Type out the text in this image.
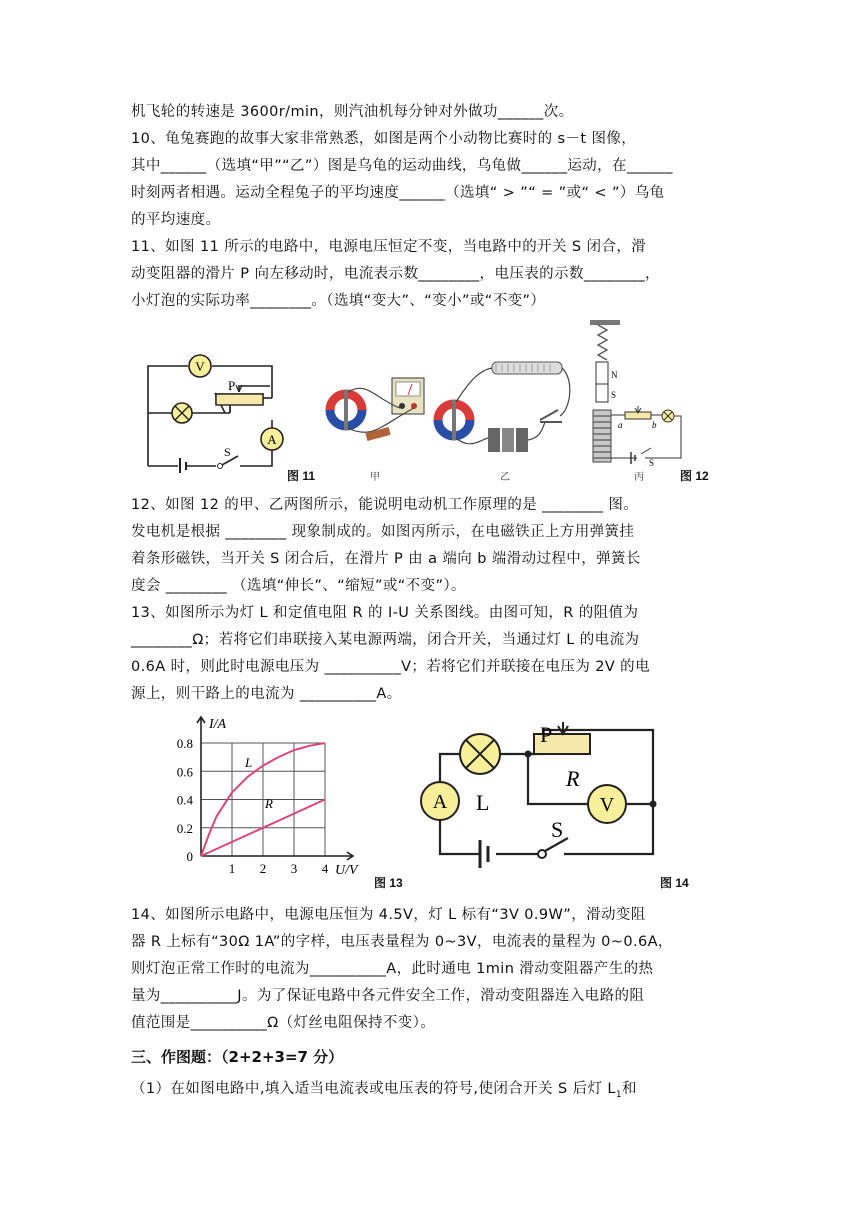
机飞轮的转速是 3600r/min，则汽油机每分钟对外做功______次。
10、龟兔赛跑的故事大家非常熟悉，如图是两个小动物比赛时的 s－t 图像，
其中______（选填“甲”“乙”）图是乌龟的运动曲线，乌龟做______运动，在______
时刻两者相遇。运动全程兔子的平均速度______（选填“ > ”“ = ”或“ < ”）乌龟
的平均速度。
11、如图 11 所示的电路中，电源电压恒定不变，当电路中的开关 S 闭合，滑
动变阻器的滑片 P 向左移动时，电流表示数________，电压表的示数________，
小灯泡的实际功率________。（选填“变大”、“变小”或“不变”）
V
A
P
S
图 11	甲	乙
N
S
a	b
S
丙	图 12
12、如图 12 的甲、乙两图所示，能说明电动机工作原理的是 ________ 图。
发电机是根据 ________ 现象制成的。如图丙所示，在电磁铁正上方用弹簧挂
着条形磁铁，当开关 S 闭合后，在滑片 P 由 a 端向 b 端滑动过程中，弹簧长
度会 ________ （选填“伸长”、“缩短”或“不变”）。
13、如图所示为灯 L 和定值电阻 R 的 I-U 关系图线。由图可知，R 的阻值为
________Ω；若将它们串联接入某电源两端，闭合开关，当通过灯 L 的电流为
0.6A 时，则此时电源电压为 __________V；若将它们并联接在电压为 2V 的电
源上，则干路上的电流为 __________A。
1 2 3 4
0
0.2
0.4
0.6
0.8
I/A
U/V
L
R
图 13
P
R
L
A	V
S
图 14
14、如图所示电路中，电源电压恒为 4.5V，灯 L 标有“3V 0.9W”，滑动变阻
器 R 上标有“30Ω 1A”的字样，电压表量程为 0~3V，电流表的量程为 0~0.6A，
则灯泡正常工作时的电流为__________A，此时通电 1min 滑动变阻器产生的热
量为__________J。为了保证电路中各元件安全工作，滑动变阻器连入电路的阻
值范围是__________Ω（灯丝电阻保持不变）。
三、作图题：（2+2+3=7 分）
（1）在如图电路中,填入适当电流表或电压表的符号,使闭合开关 S 后灯 $L_1$和
